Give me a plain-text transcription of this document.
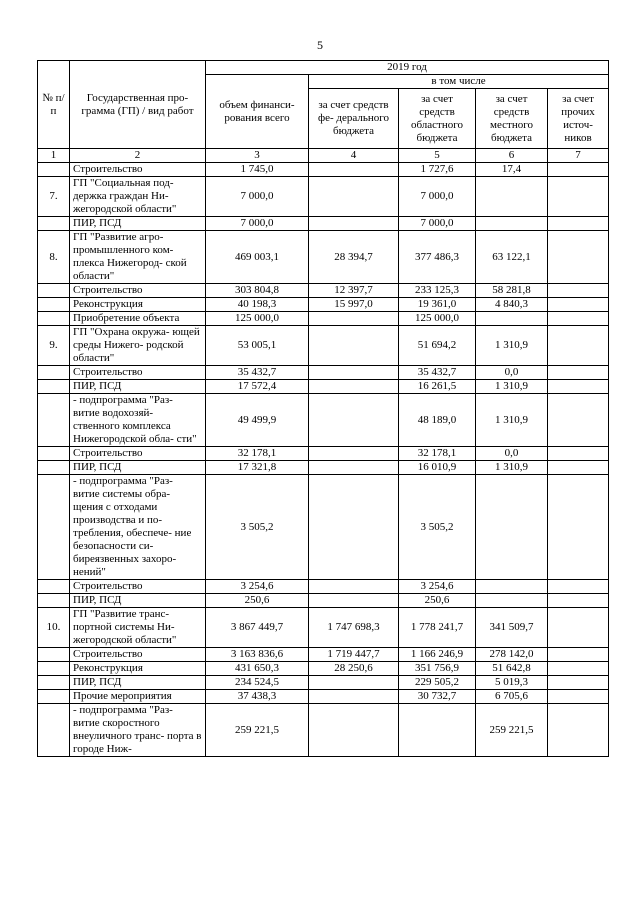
5
№ п/п	Государственная про- грамма (ГП) / вид работ	2019 год				
		объем финанси- рования всего	в том числе			
			за счет средств фе- дерального бюджета	за счет средств областного бюджета	за счет средств местного бюджета	за счет прочих источ- ников
1	2	3	4	5	6	7
	Строительство	1 745,0		1 727,6	17,4	
7.	ГП "Социальная под- держка граждан Ни- жегородской области"	7 000,0		7 000,0		
	ПИР, ПСД	7 000,0		7 000,0		
8.	ГП "Развитие агро- промышленного ком- плекса Нижегород- ской области"	469 003,1	28 394,7	377 486,3	63 122,1	
	Строительство	303 804,8	12 397,7	233 125,3	58 281,8	
	Реконструкция	40 198,3	15 997,0	19 361,0	4 840,3	
	Приобретение объекта	125 000,0		125 000,0		
9.	ГП "Охрана окружа- ющей среды Нижего- родской области"	53 005,1		51 694,2	1 310,9	
	Строительство	35 432,7		35 432,7	0,0	
	ПИР, ПСД	17 572,4		16 261,5	1 310,9	
	- подпрограмма "Раз- витие водохозяй- ственного комплекса Нижегородской обла- сти"	49 499,9		48 189,0	1 310,9	
	Строительство	32 178,1		32 178,1	0,0	
	ПИР, ПСД	17 321,8		16 010,9	1 310,9	
	- подпрограмма "Раз- витие системы обра- щения с отходами производства и по- требления, обеспече- ние безопасности си- биреязвенных захоро- нений"	3 505,2		3 505,2		
	Строительство	3 254,6		3 254,6		
	ПИР, ПСД	250,6		250,6		
10.	ГП "Развитие транс- портной системы Ни- жегородской области"	3 867 449,7	1 747 698,3	1 778 241,7	341 509,7	
	Строительство	3 163 836,6	1 719 447,7	1 166 246,9	278 142,0	
	Реконструкция	431 650,3	28 250,6	351 756,9	51 642,8	
	ПИР, ПСД	234 524,5		229 505,2	5 019,3	
	Прочие мероприятия	37 438,3		30 732,7	6 705,6	
	- подпрограмма "Раз- витие скоростного внеуличного транс- порта в городе Ниж-	259 221,5			259 221,5	
